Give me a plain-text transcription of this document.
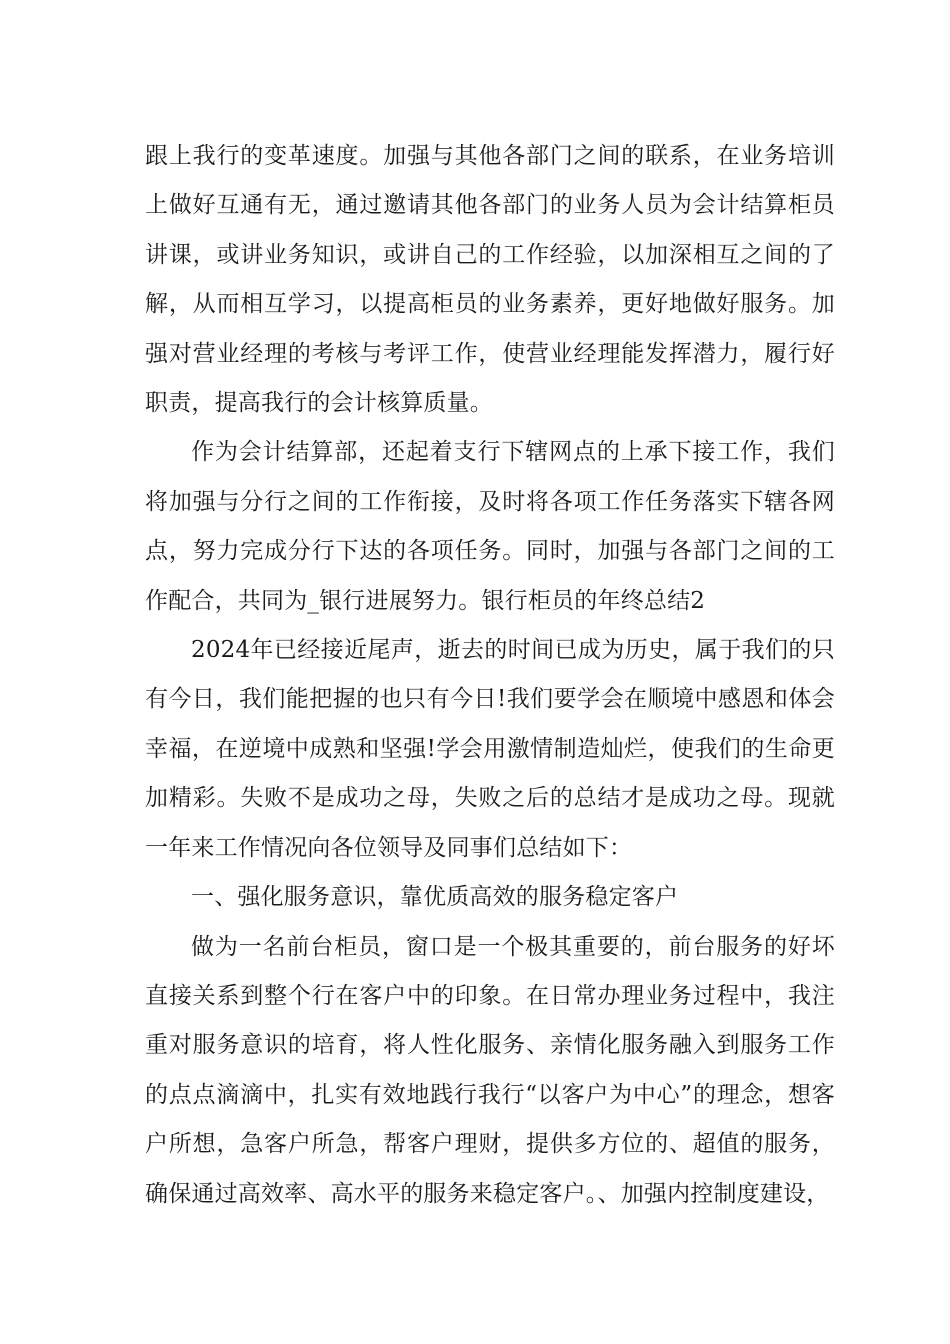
跟上我行的变革速度。加强与其他各部门之间的联系，在业务培训上做好互通有无，通过邀请其他各部门的业务人员为会计结算柜员讲课，或讲业务知识，或讲自己的工作经验，以加深相互之间的了解，从而相互学习，以提高柜员的业务素养，更好地做好服务。加强对营业经理的考核与考评工作，使营业经理能发挥潜力，履行好职责，提高我行的会计核算质量。

作为会计结算部，还起着支行下辖网点的上承下接工作，我们将加强与分行之间的工作衔接，及时将各项工作任务落实下辖各网点，努力完成分行下达的各项任务。同时，加强与各部门之间的工作配合，共同为_银行进展努力。银行柜员的年终总结2

2024年已经接近尾声，逝去的时间已成为历史，属于我们的只有今日，我们能把握的也只有今日!我们要学会在顺境中感恩和体会幸福，在逆境中成熟和坚强!学会用激情制造灿烂，使我们的生命更加精彩。失败不是成功之母，失败之后的总结才是成功之母。现就一年来工作情况向各位领导及同事们总结如下：

一、强化服务意识，靠优质高效的服务稳定客户

做为一名前台柜员，窗口是一个极其重要的，前台服务的好坏直接关系到整个行在客户中的印象。在日常办理业务过程中，我注重对服务意识的培育，将人性化服务、亲情化服务融入到服务工作的点点滴滴中，扎实有效地践行我行“以客户为中心”的理念，想客户所想，急客户所急，帮客户理财，提供多方位的、超值的服务，确保通过高效率、高水平的服务来稳定客户。、加强内控制度建设，
